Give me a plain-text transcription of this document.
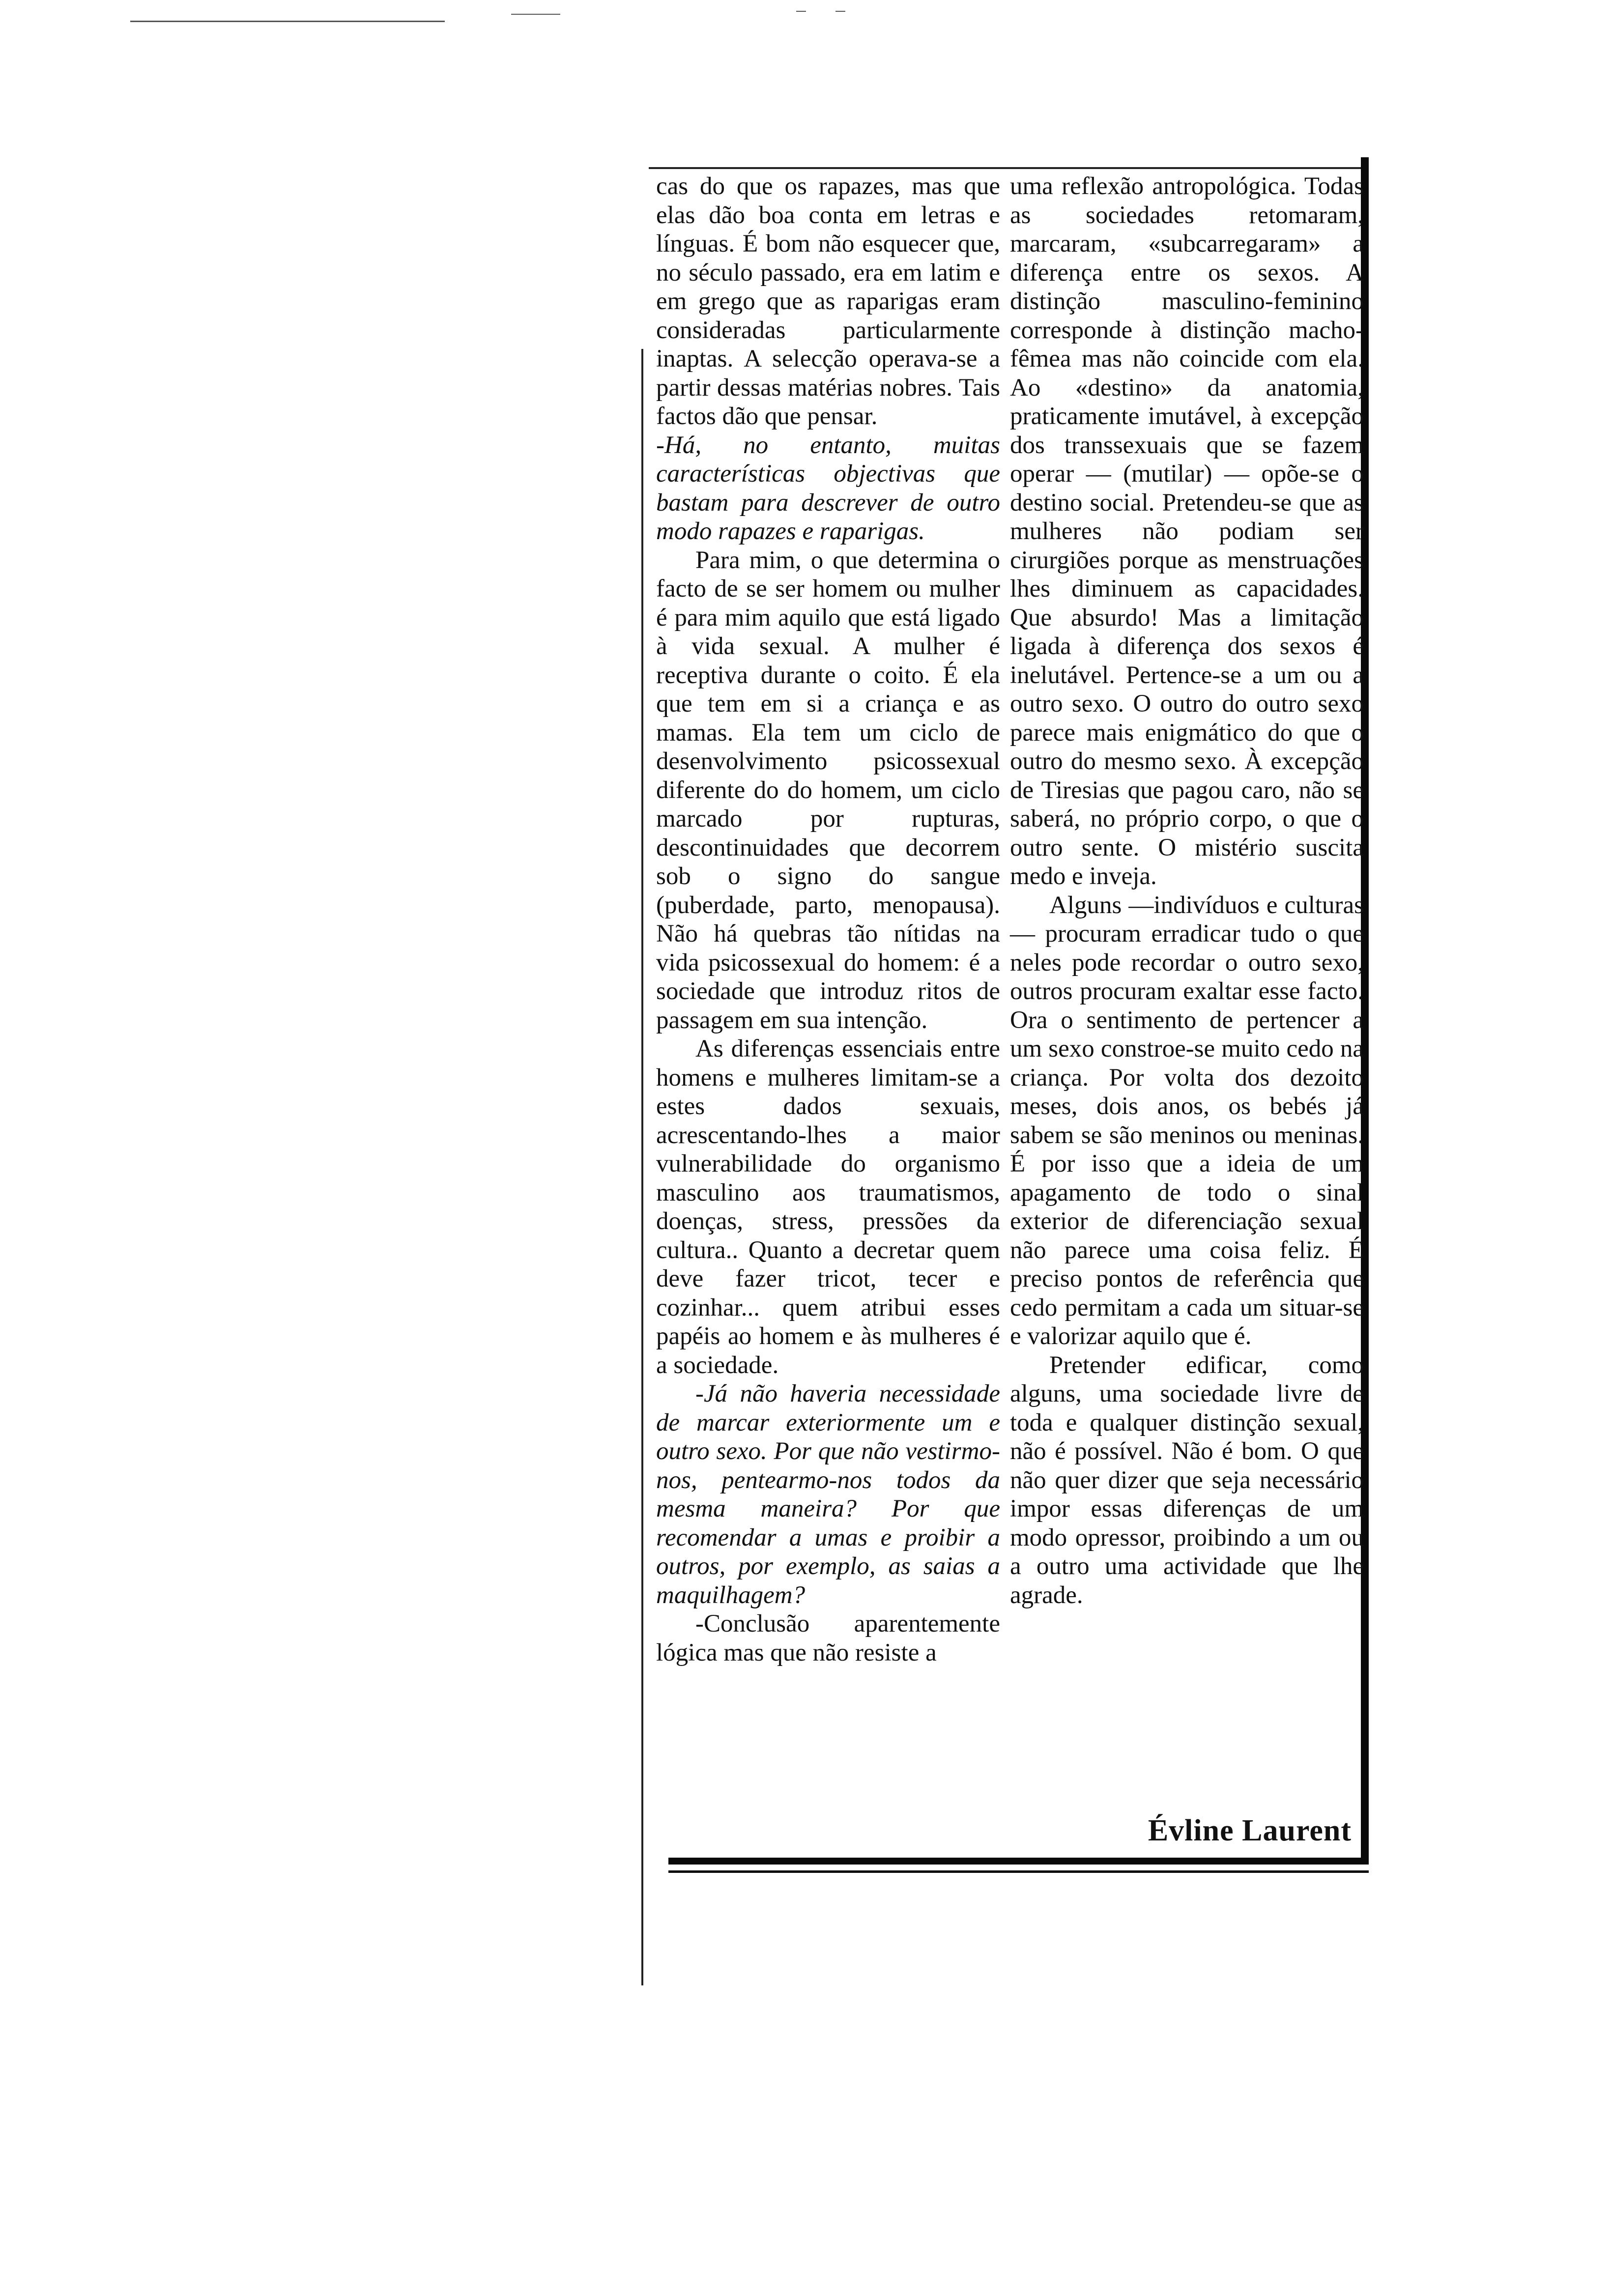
cas do que os rapazes, mas que elas dão boa conta em letras e línguas. É bom não esquecer que, no século passado, era em latim e em grego que as raparigas eram consideradas particularmente inaptas. A selecção operava-se a partir dessas matérias nobres. Tais factos dão que pensar.

-Há, no entanto, muitas características objectivas que bastam para descrever de outro modo rapazes e raparigas.

Para mim, o que determina o facto de se ser homem ou mulher é para mim aquilo que está ligado à vida sexual. A mulher é receptiva durante o coito. É ela que tem em si a criança e as mamas. Ela tem um ciclo de desenvolvimento psicossexual diferente do do homem, um ciclo marcado por rupturas, descontinuidades que decorrem sob o signo do sangue (puberdade, parto, menopausa). Não há quebras tão nítidas na vida psicossexual do homem: é a sociedade que introduz ritos de passagem em sua intenção.

As diferenças essenciais entre homens e mulheres limitam-se a estes dados sexuais, acrescentando-lhes a maior vulnerabilidade do organismo masculino aos traumatismos, doenças, stress, pressões da cultura.. Quanto a decretar quem deve fazer tricot, tecer e cozinhar... quem atribui esses papéis ao homem e às mulheres é a sociedade.

-Já não haveria necessidade de marcar exteriormente um e outro sexo. Por que não vestirmo-nos, pentearmo-nos todos da mesma maneira? Por que recomendar a umas e proibir a outros, por exemplo, as saias a maquilhagem?

-Conclusão aparentemente lógica mas que não resiste a

uma reflexão antropológica. Todas as sociedades retomaram, marcaram, «subcarregaram» a diferença entre os sexos. A distinção masculino-feminino corresponde à distinção macho-fêmea mas não coincide com ela. Ao «destino» da anatomia, praticamente imutável, à excepção dos transsexuais que se fazem operar — (mutilar) — opõe-se o destino social. Pretendeu-se que as mulheres não podiam ser cirurgiões porque as menstruações lhes diminuem as capacidades. Que absurdo! Mas a limitação ligada à diferença dos sexos é inelutável. Pertence-se a um ou a outro sexo. O outro do outro sexo parece mais enigmático do que o outro do mesmo sexo. À excepção de Tiresias que pagou caro, não se saberá, no próprio corpo, o que o outro sente. O mistério suscita medo e inveja.

Alguns —indivíduos e culturas — procuram erradicar tudo o que neles pode recordar o outro sexo, outros procuram exaltar esse facto. Ora o sentimento de pertencer a um sexo constroe-se muito cedo na criança. Por volta dos dezoito meses, dois anos, os bebés já sabem se são meninos ou meninas. É por isso que a ideia de um apagamento de todo o sinal exterior de diferenciação sexual não parece uma coisa feliz. É preciso pontos de referência que cedo permitam a cada um situar-se e valorizar aquilo que é.

Pretender edificar, como alguns, uma sociedade livre de toda e qualquer distinção sexual, não é possível. Não é bom. O que não quer dizer que seja necessário impor essas diferenças de um modo opressor, proibindo a um ou a outro uma actividade que lhe agrade.

Évline Laurent
